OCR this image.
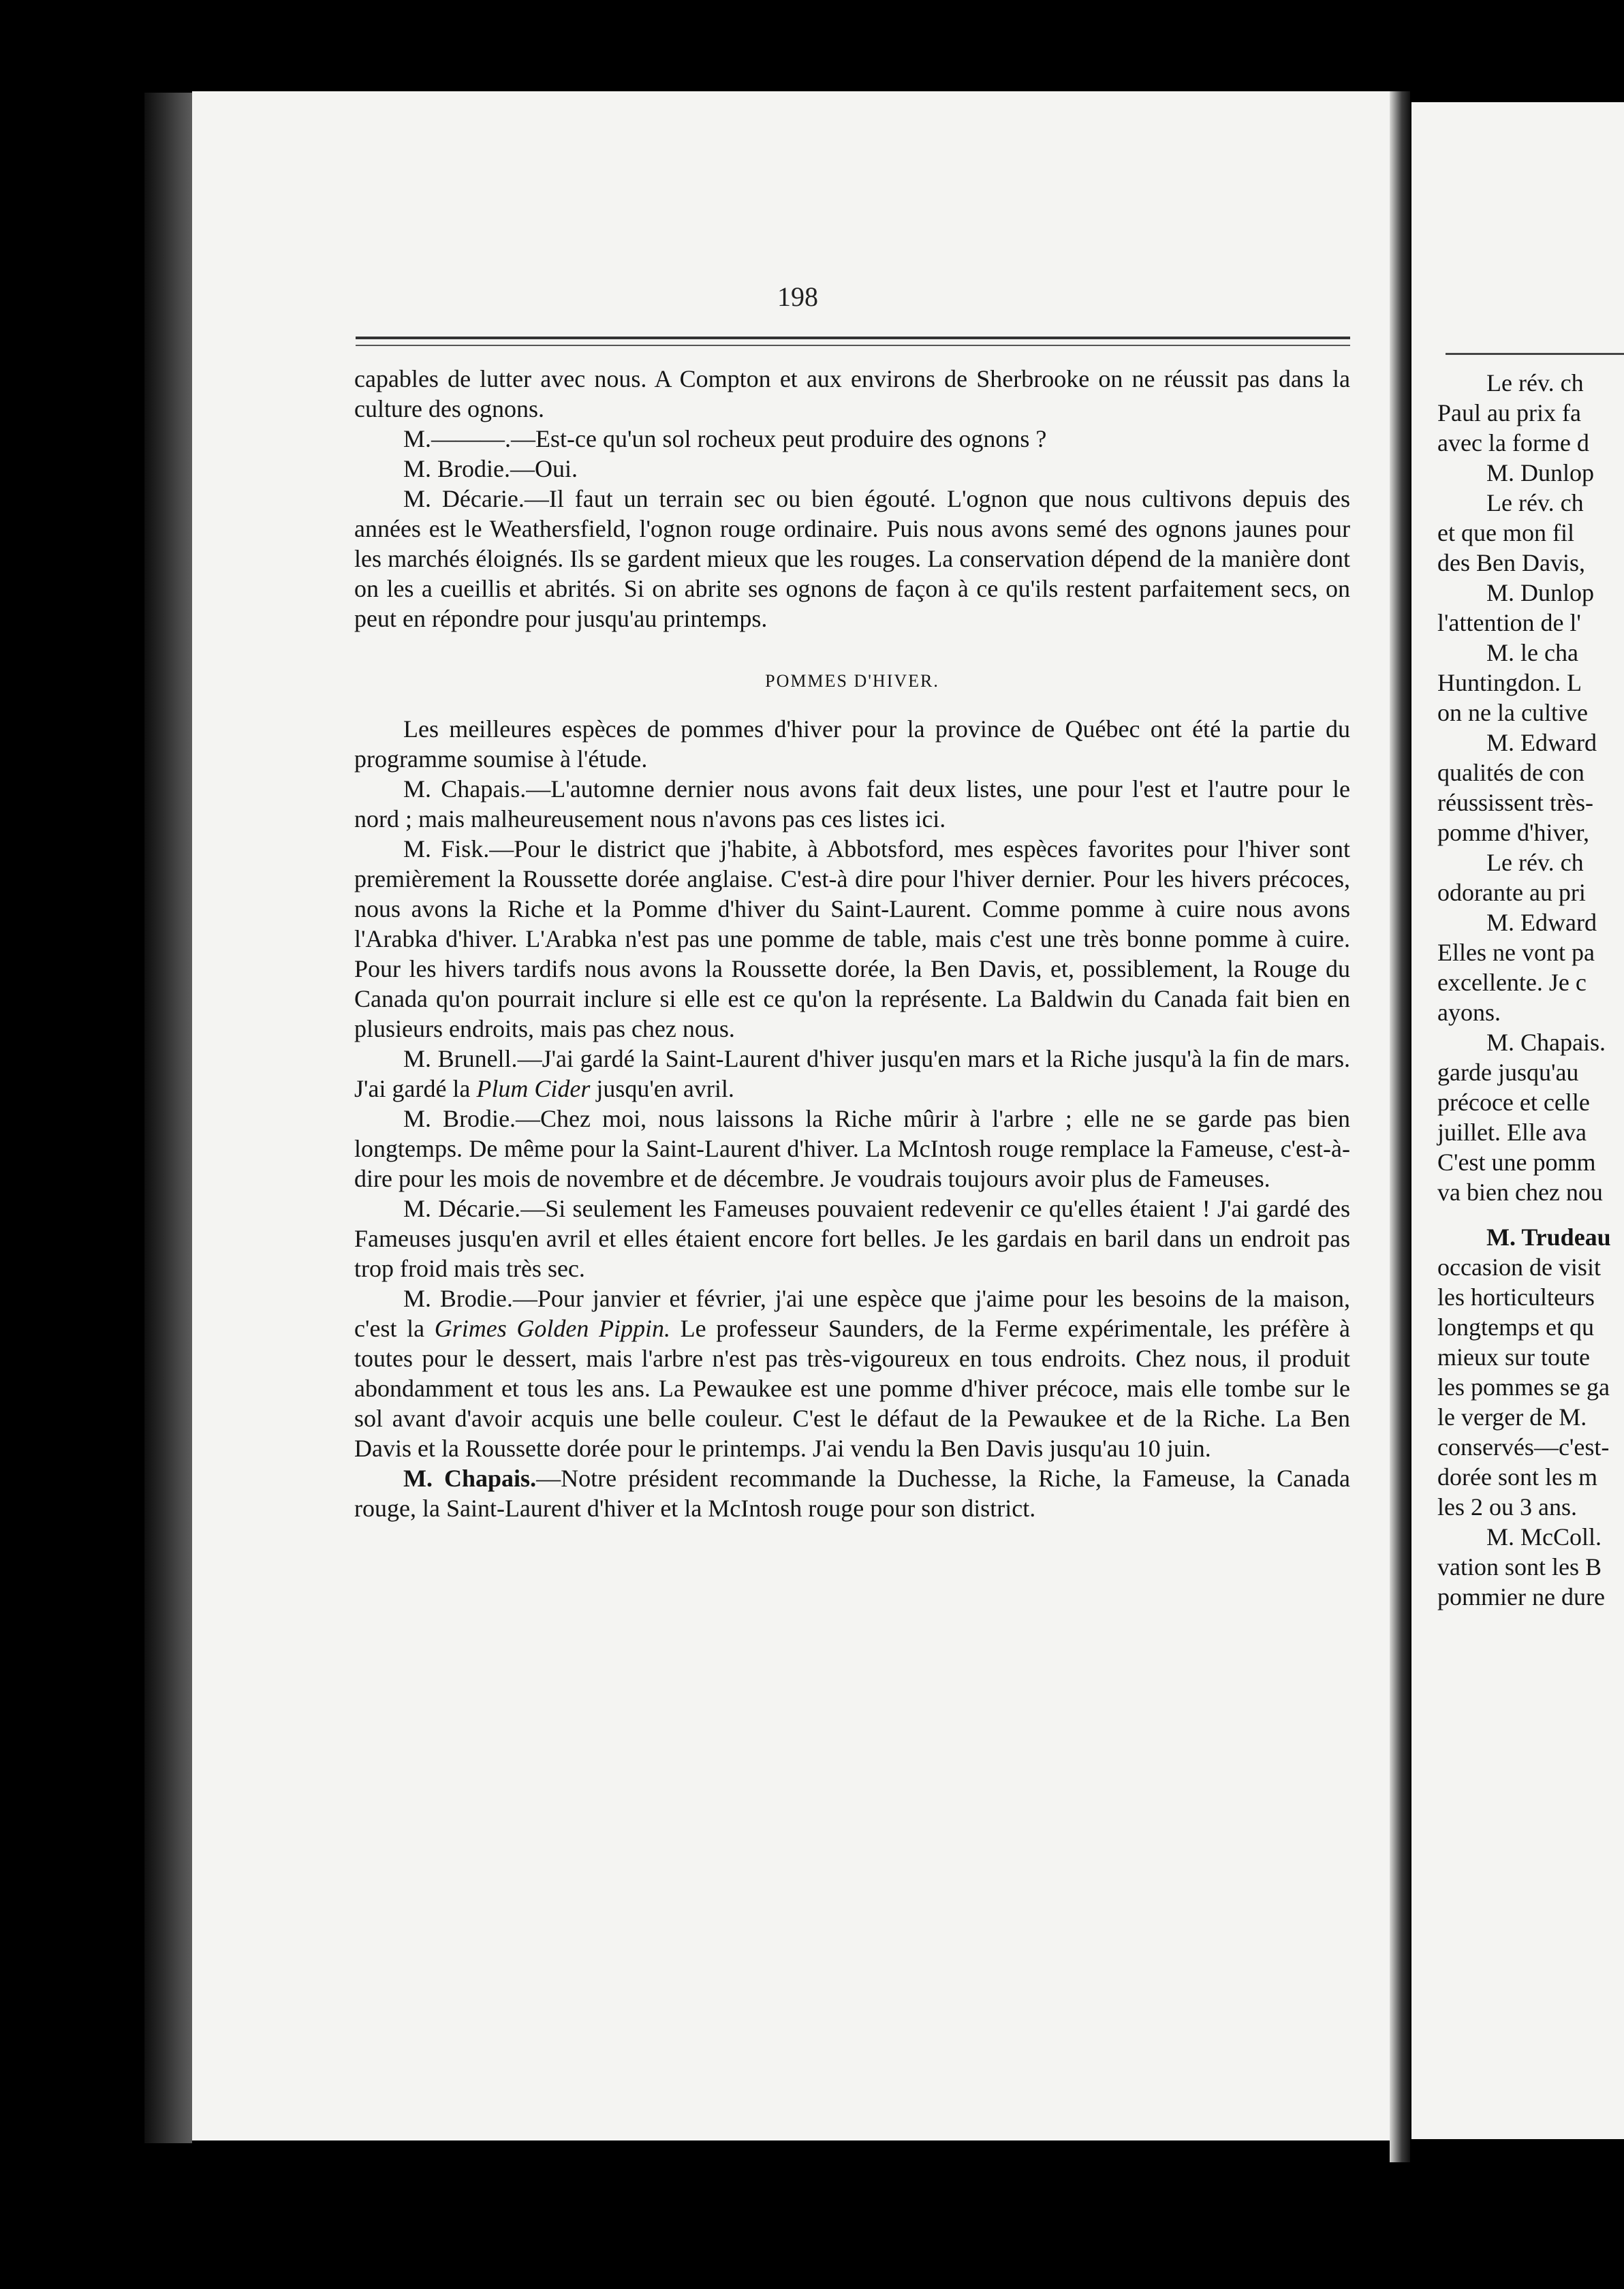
198

capables de lutter avec nous. A Compton et aux environs de Sherbrooke on ne réussit pas dans la culture des ognons.

M.———.—Est-ce qu'un sol rocheux peut produire des ognons ?

M. Brodie.—Oui.

M. Décarie.—Il faut un terrain sec ou bien égouté. L'ognon que nous cultivons depuis des années est le Weathersfield, l'ognon rouge ordinaire. Puis nous avons semé des ognons jaunes pour les marchés éloignés. Ils se gardent mieux que les rouges. La conservation dépend de la manière dont on les a cueillis et abrités. Si on abrite ses ognons de façon à ce qu'ils restent parfaitement secs, on peut en répondre pour jusqu'au printemps.

POMMES D'HIVER.

Les meilleures espèces de pommes d'hiver pour la province de Québec ont été la partie du programme soumise à l'étude.

M. Chapais.—L'automne dernier nous avons fait deux listes, une pour l'est et l'autre pour le nord ; mais malheureusement nous n'avons pas ces listes ici.

M. Fisk.—Pour le district que j'habite, à Abbotsford, mes espèces favorites pour l'hiver sont premièrement la Roussette dorée anglaise. C'est-à dire pour l'hiver dernier. Pour les hivers précoces, nous avons la Riche et la Pomme d'hiver du Saint-Laurent. Comme pomme à cuire nous avons l'Arabka d'hiver. L'Arabka n'est pas une pomme de table, mais c'est une très bonne pomme à cuire. Pour les hivers tardifs nous avons la Roussette dorée, la Ben Davis, et, possiblement, la Rouge du Canada qu'on pourrait inclure si elle est ce qu'on la représente. La Baldwin du Canada fait bien en plusieurs endroits, mais pas chez nous.

M. Brunell.—J'ai gardé la Saint-Laurent d'hiver jusqu'en mars et la Riche jusqu'à la fin de mars. J'ai gardé la Plum Cider jusqu'en avril.

M. Brodie.—Chez moi, nous laissons la Riche mûrir à l'arbre ; elle ne se garde pas bien longtemps. De même pour la Saint-Laurent d'hiver. La McIntosh rouge remplace la Fameuse, c'est-à-dire pour les mois de novembre et de décembre. Je voudrais toujours avoir plus de Fameuses.

M. Décarie.—Si seulement les Fameuses pouvaient redevenir ce qu'elles étaient ! J'ai gardé des Fameuses jusqu'en avril et elles étaient encore fort belles. Je les gardais en baril dans un endroit pas trop froid mais très sec.

M. Brodie.—Pour janvier et février, j'ai une espèce que j'aime pour les besoins de la maison, c'est la Grimes Golden Pippin. Le professeur Saunders, de la Ferme expérimentale, les préfère à toutes pour le dessert, mais l'arbre n'est pas très-vigoureux en tous endroits. Chez nous, il produit abondamment et tous les ans. La Pewaukee est une pomme d'hiver précoce, mais elle tombe sur le sol avant d'avoir acquis une belle couleur. C'est le défaut de la Pewaukee et de la Riche. La Ben Davis et la Roussette dorée pour le printemps. J'ai vendu la Ben Davis jusqu'au 10 juin.

M. Chapais.—Notre président recommande la Duchesse, la Riche, la Fameuse, la Canada rouge, la Saint-Laurent d'hiver et la McIntosh rouge pour son district.

Le rév. ch
Paul au prix fa
avec la forme d
M. Dunlop
Le rév. ch
et que mon fil
des Ben Davis,
M. Dunlop
l'attention de l'
M. le cha
Huntingdon. L
on ne la cultive
M. Edward
qualités de con
réussissent très-
pomme d'hiver,
Le rév. ch
odorante au pri
M. Edward
Elles ne vont pa
excellente. Je c
ayons.
M. Chapais.
garde jusqu'au
précoce et celle
juillet. Elle ava
C'est une pomm
va bien chez nou
M. Trudeau
occasion de visit
les horticulteurs
longtemps et qu
mieux sur toute
les pommes se ga
le verger de M.
conservés—c'est-
dorée sont les m
les 2 ou 3 ans.
M. McColl.
vation sont les B
pommier ne dure
